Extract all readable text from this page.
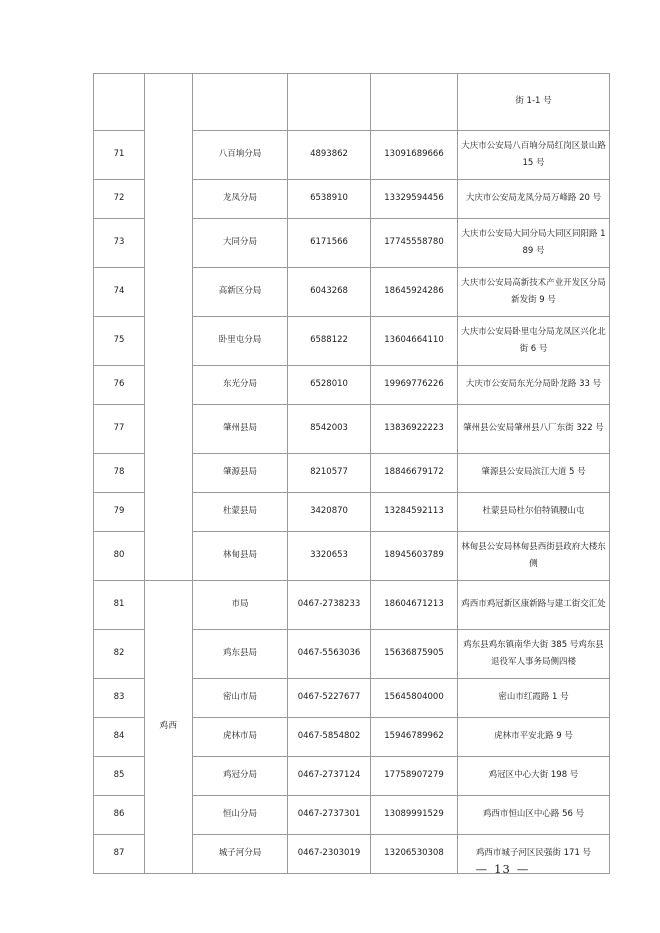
					街 1-1 号
71		八百垧分局	4893862	13091689666	大庆市公安局八百垧分局红岗区景山路 15 号
72		龙凤分局	6538910	13329594456	大庆市公安局龙凤分局万峰路 20 号
73		大同分局	6171566	17745558780	大庆市公安局大同分局大同区同阳路 189 号
74		高新区分局	6043268	18645924286	大庆市公安局高新技术产业开发区分局新发街 9 号
75		卧里屯分局	6588122	13604664110	大庆市公安局卧里屯分局龙凤区兴化北街 6 号
76		东光分局	6528010	19969776226	大庆市公安局东光分局卧龙路 33 号
77		肇州县局	8542003	13836922223	肇州县公安局肇州县八厂东街 322 号
78		肇源县局	8210577	18846679172	肇源县公安局滨江大道 5 号
79		杜蒙县局	3420870	13284592113	杜蒙县局杜尔伯特镇腰山屯
80		林甸县局	3320653	18945603789	林甸县公安局林甸县西街县政府大楼东侧
81	鸡西	市局	0467-2738233	18604671213	鸡西市鸡冠新区康新路与建工街交汇处
82		鸡东县局	0467-5563036	15636875905	鸡东县鸡东镇南华大街 385 号鸡东县退役军人事务局侧四楼
83		密山市局	0467-5227677	15645804000	密山市红霞路 1 号
84		虎林市局	0467-5854802	15946789962	虎林市平安北路 9 号
85		鸡冠分局	0467-2737124	17758907279	鸡冠区中心大街 198 号
86		恒山分局	0467-2737301	13089991529	鸡西市恒山区中心路 56 号
87		城子河分局	0467-2303019	13206530308	鸡西市城子河区民强街 171 号
— 13 —
